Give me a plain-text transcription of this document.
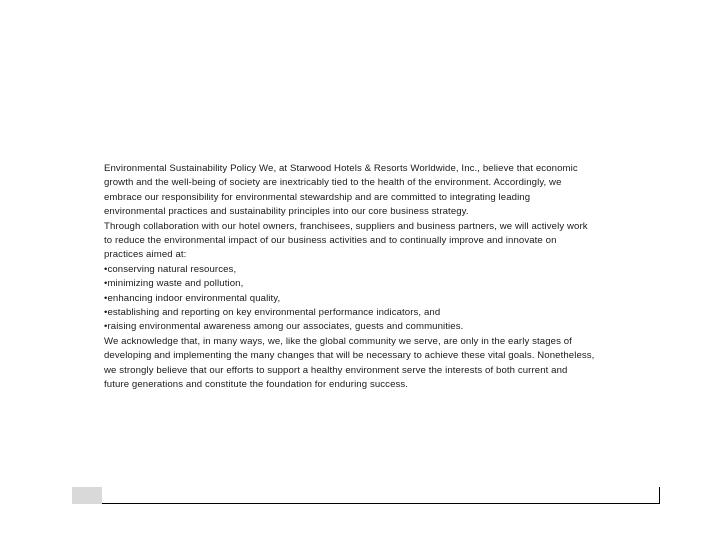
Environmental Sustainability Policy We, at Starwood Hotels & Resorts Worldwide, Inc., believe that economic
growth and the well-being of society are inextricably tied to the health of the environment. Accordingly, we
embrace our responsibility for environmental stewardship and are committed to integrating leading
environmental practices and sustainability principles into our core business strategy.
Through collaboration with our hotel owners, franchisees, suppliers and business partners, we will actively work
to reduce the environmental impact of our business activities and to continually improve and innovate on
practices aimed at:
•conserving natural resources,
•minimizing waste and pollution,
•enhancing indoor environmental quality,
•establishing and reporting on key environmental performance indicators, and
•raising environmental awareness among our associates, guests and communities.
We acknowledge that, in many ways, we, like the global community we serve, are only in the early stages of
developing and implementing the many changes that will be necessary to achieve these vital goals. Nonetheless,
we strongly believe that our efforts to support a healthy environment serve the interests of both current and
future generations and constitute the foundation for enduring success.
